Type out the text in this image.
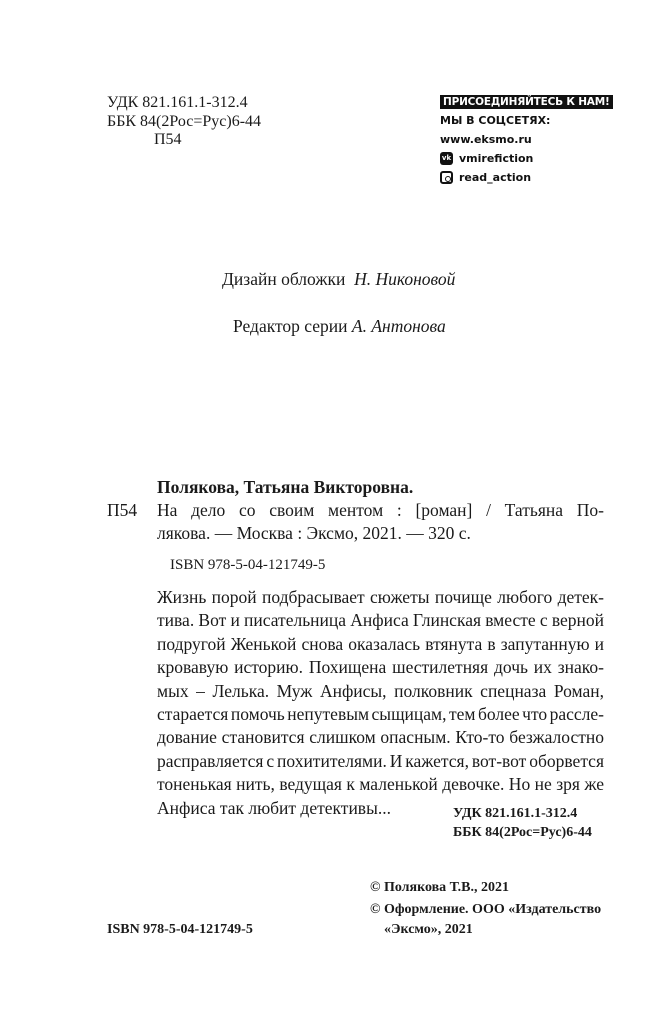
УДК 821.161.1-312.4
ББК 84(2Рос=Рус)6-44
П54
ПРИСОЕДИНЯЙТЕСЬ К НАМ!
МЫ В СОЦСЕТЯХ:
www.eksmo.ru
vk vmirefiction
read_action
Дизайн обложки Н. Никоновой
Редактор серии А. Антонова
Полякова, Татьяна Викторовна.
П54 На дело со своим ментом : [роман] / Татьяна По-
лякова. — Москва : Эксмо, 2021. — 320 с.
ISBN 978-5-04-121749-5
Жизнь порой подбрасывает сюжеты почище любого детек-
тива. Вот и писательница Анфиса Глинская вместе с верной
подругой Женькой снова оказалась втянута в запутанную и
кровавую историю. Похищена шестилетняя дочь их знако-
мых – Лелька. Муж Анфисы, полковник спецназа Роман,
старается помочь непутевым сыщицам, тем более что рассле-
дование становится слишком опасным. Кто-то безжалостно
расправляется с похитителями. И кажется, вот-вот оборвется
тоненькая нить, ведущая к маленькой девочке. Но не зря же
Анфиса так любит детективы...	УДК 821.161.1-312.4
ББК 84(2Рос=Рус)6-44
© Полякова Т.В., 2021
© Оформление. ООО «Издательство
«Эксмо», 2021
ISBN 978-5-04-121749-5
